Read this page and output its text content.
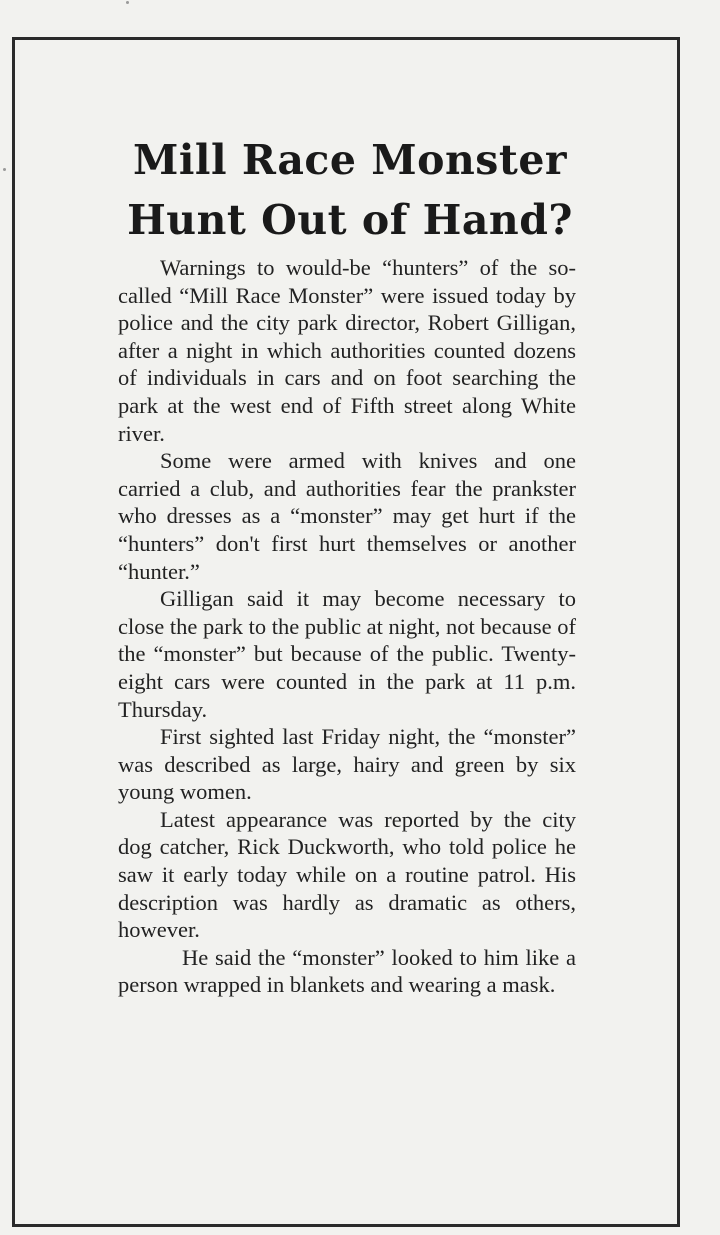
Mill Race Monster
Hunt Out of Hand?

Warnings to would-be “hunters” of the so-called “Mill Race Monster” were issued today by police and the city park director, Robert Gilligan, after a night in which authorities counted dozens of individuals in cars and on foot searching the park at the west end of Fifth street along White river.

Some were armed with knives and one carried a club, and authorities fear the prankster who dresses as a “monster” may get hurt if the “hunters” don't first hurt themselves or another “hunter.”

Gilligan said it may become necessary to close the park to the public at night, not because of the “monster” but because of the public. Twenty-eight cars were counted in the park at 11 p.m. Thursday.

First sighted last Friday night, the “monster” was described as large, hairy and green by six young women.

Latest appearance was reported by the city dog catcher, Rick Duckworth, who told police he saw it early today while on a routine patrol. His description was hardly as dramatic as others, however.

He said the “monster” looked to him like a person wrapped in blankets and wearing a mask.
